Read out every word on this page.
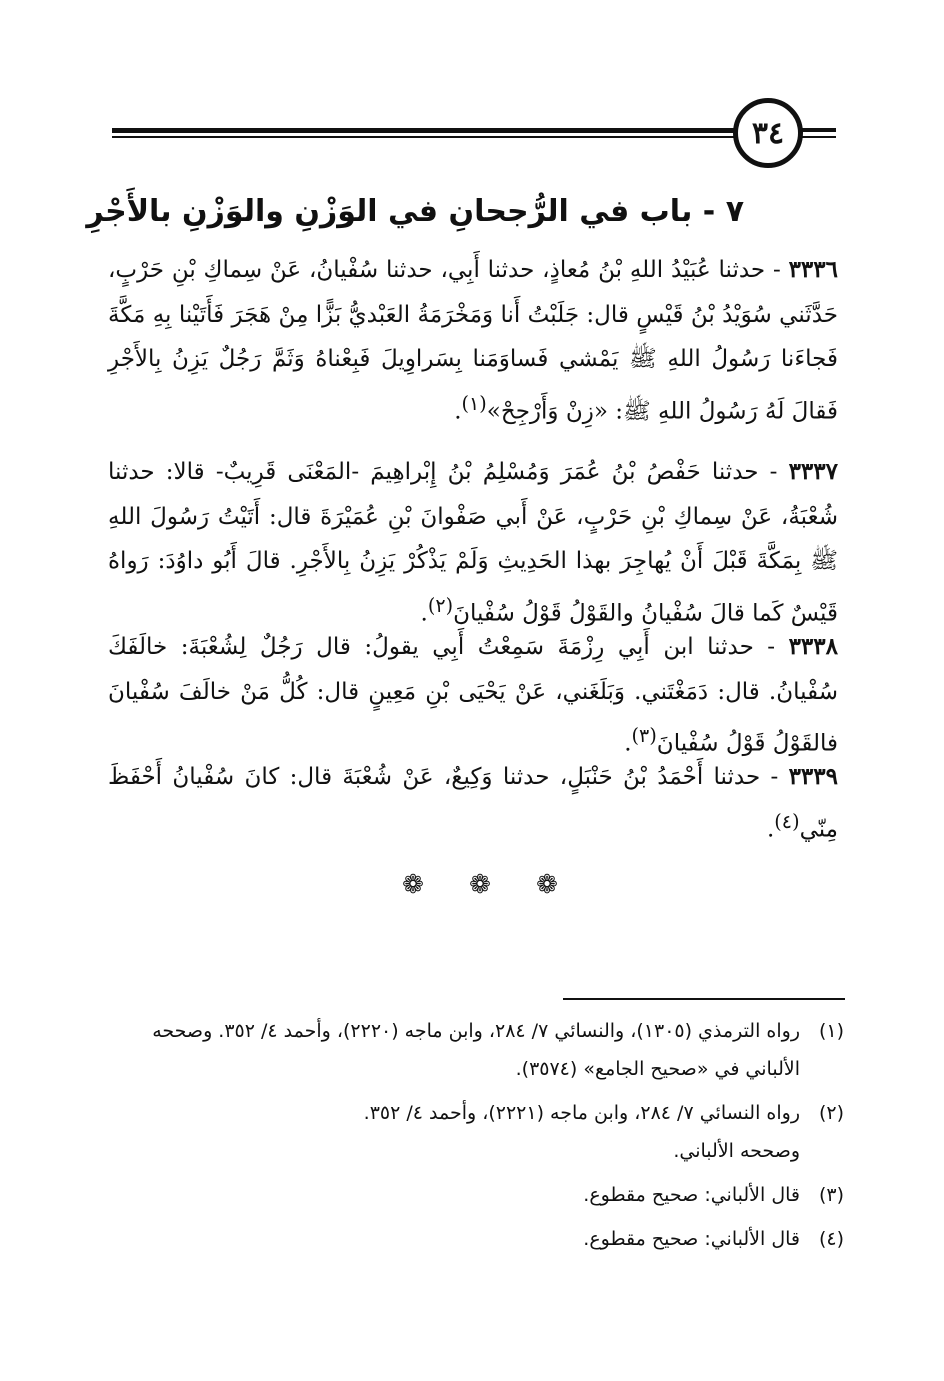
٣٤
٧ - باب في الرُّجحانِ في الوَزْنِ والوَزْنِ بالأَجْرِ
٣٣٣٦ - حدثنا عُبَيْدُ اللهِ بْنُ مُعاذٍ، حدثنا أَبِي، حدثنا سُفْيانُ، عَنْ سِماكِ بْنِ حَرْبٍ، حَدَّثَني سُوَيْدُ بْنُ قَيْسٍ قال: جَلَبْتُ أَنا وَمَخْرَمَةُ العَبْديُّ بَزًّا مِنْ هَجَرَ فَأَتَيْنا بِهِ مَكَّةَ فَجاءَنا رَسُولُ اللهِ ﷺ يَمْشي فَساوَمَنا بِسَراوِيلَ فَبِعْناهُ وَثَمَّ رَجُلٌ يَزِنُ بِالأَجْرِ فَقالَ لَهُ رَسُولُ اللهِ ﷺ: «زِنْ وَأَرْجِحْ»$^{(١)}$.
٣٣٣٧ - حدثنا حَفْصُ بْنُ عُمَرَ وَمُسْلِمُ بْنُ إِبْراهِيمَ -المَعْنَى قَرِيبٌ- قالا: حدثنا شُعْبَةُ، عَنْ سِماكِ بْنِ حَرْبٍ، عَنْ أَبي صَفْوانَ بْنِ عُمَيْرَةَ قال: أَتَيْتُ رَسُولَ اللهِ ﷺ بِمَكَّةَ قَبْلَ أَنْ يُهاجِرَ بهذا الحَدِيثِ وَلَمْ يَذْكُرْ يَزِنُ بِالأَجْرِ. قالَ أَبُو داوُدَ: رَواهُ قَيْسٌ كَما قالَ سُفْيانُ والقَوْلُ قَوْلُ سُفْيانَ$^{(٢)}$.
٣٣٣٨ - حدثنا ابن أَبِي رِزْمَةَ سَمِعْتُ أَبِي يقولُ: قال رَجُلٌ لِشُعْبَةَ: خالَفَكَ سُفْيانُ. قال: دَمَغْتَني. وَبَلَغَني، عَنْ يَحْيَى بْنِ مَعِينٍ قال: كُلُّ مَنْ خالَفَ سُفْيانَ فالقَوْلُ قَوْلُ سُفْيانَ$^{(٣)}$.
٣٣٣٩ - حدثنا أَحْمَدُ بْنُ حَنْبَلٍ، حدثنا وَكِيعٌ، عَنْ شُعْبَةَ قال: كانَ سُفْيانُ أَحْفَظَ مِنّي$^{(٤)}$.
❁ ❁ ❁
(١)
رواه الترمذي (١٣٠٥)، والنسائي ٧/ ٢٨٤، وابن ماجه (٢٢٢٠)، وأحمد ٤/ ٣٥٢. وصححه الألباني في «صحيح الجامع» (٣٥٧٤).
(٢)
رواه النسائي ٧/ ٢٨٤، وابن ماجه (٢٢٢١)، وأحمد ٤/ ٣٥٢.
وصححه الألباني.
(٣)
قال الألباني: صحيح مقطوع.
(٤)
قال الألباني: صحيح مقطوع.
